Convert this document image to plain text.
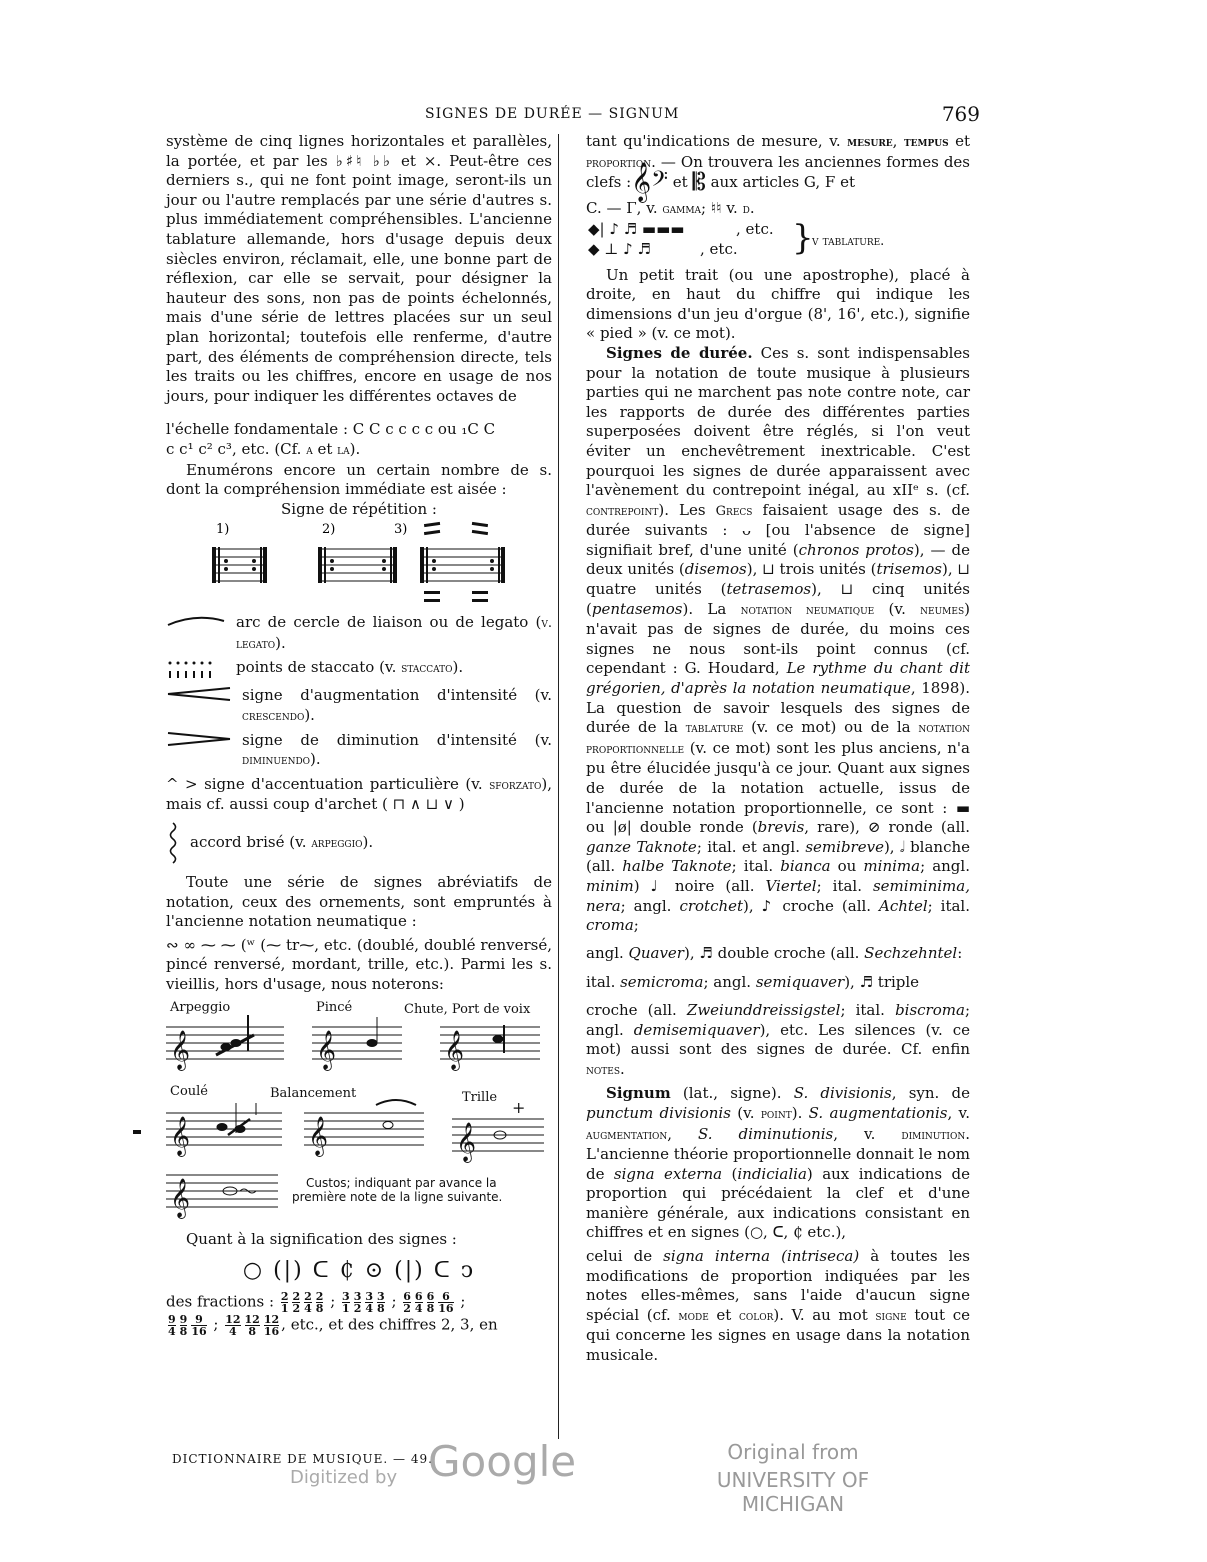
SIGNES DE DURÉE — SIGNUM	769

système de cinq lignes horizontales et parallèles, la portée, et par les ♭♯♮ ♭♭ et ×. Peut-être ces derniers s., qui ne font point image, seront-ils un jour ou l'autre remplacés par une série d'autres s. plus immédiatement compréhensibles. L'ancienne tablature allemande, hors d'usage depuis deux siècles environ, réclamait, elle, une bonne part de réflexion, car elle se servait, pour désigner la hauteur des sons, non pas de points échelonnés, mais d'une série de lettres placées sur un seul plan horizontal; toutefois elle renferme, d'autre part, des éléments de compréhension directe, tels les traits ou les chiffres, encore en usage de nos jours, pour indiquer les différentes octaves de

l'échelle fondamentale : C C c c c c ou ₁C C

c c¹ c² c³, etc. (Cf. a et la).

Enumérons encore un certain nombre de s. dont la compréhension immédiate est aisée :

Signe de répétition :

1)	2)	3)
arc de cercle de liaison ou de legato (v. legato).
points de staccato (v. staccato).
signe d'augmentation d'intensité (v. crescendo).
signe de diminution d'intensité (v. diminuendo).

^ > signe d'accentuation particulière (v. sforzato), mais cf. aussi coup d'archet ( ⊓ ∧ ⊔ ∨ )

accord brisé (v. arpeggio).

Toute une série de signes abréviatifs de notation, ceux des ornements, sont empruntés à l'ancienne notation neumatique :

∾ ∞ ⁓ ⁓ (ʷ (⁓ tr⁓, etc. (doublé, doublé renversé, pincé renversé, mordant, trille, etc.). Parmi les s. vieillis, hors d'usage, nous noterons:

Arpeggio	Pincé	Chute, Port de voix
Coulé	Balancement	Trille
𝄞	𝄞	𝄞
𝄞	𝄞	𝄞
𝄞
+
Custos; indiquant par avance la première note de la ligne suivante.

Quant à la signification des signes :

○ (|) ᑕ ₵ ⊙ (|) ᑕ ↄ

des fractions : $\frac{2}{1} \frac{2}{2} \frac{2}{4} \frac{2}{8}$ ; $\frac{3}{1} \frac{3}{2} \frac{3}{4} \frac{3}{8}$ ; $\frac{6}{2} \frac{6}{4} \frac{6}{8} \frac{6}{16}$ ;

$\frac{9}{4} \frac{9}{8} \frac{9}{16}$ ; $\frac{12}{4} \frac{12}{8} \frac{12}{16}$ , etc., et des chiffres 2, 3, en

tant qu'indications de mesure, v. mesure, tempus et proportion. — On trouvera les anciennes formes des clefs :𝄞𝄢 et 𝄡 aux articles G, F et

C. — Γ, v. gamma; ♮♮ v. d.

◆| ♪ ♬ ▬▬▬	, etc.
◆ ⊥ ♪ ♬	, etc. }
v tablature.

Un petit trait (ou une apostrophe), placé à droite, en haut du chiffre qui indique les dimensions d'un jeu d'orgue (8', 16', etc.), signifie « pied » (v. ce mot).

Signes de durée. Ces s. sont indispensables pour la notation de toute musique à plusieurs parties qui ne marchent pas note contre note, car les rapports de durée des différentes parties superposées doivent être réglés, si l'on veut éviter un enchevêtrement inextricable. C'est pourquoi les signes de durée apparaissent avec l'avènement du contrepoint inégal, au xIIᵉ s. (cf. contrepoint). Les Grecs faisaient usage des s. de durée suivants : ᴗ [ou l'absence de signe] signifiait bref, d'une unité (chronos protos), — de deux unités (disemos), ⊔ trois unités (trisemos), ⊔ quatre unités (tetrasemos), ⊔ cinq unités (pentasemos). La notation neumatique (v. neumes) n'avait pas de signes de durée, du moins ces signes ne nous sont-ils point connus (cf. cependant : G. Houdard, Le rythme du chant dit grégorien, d'après la notation neumatique, 1898). La question de savoir lesquels des signes de durée de la tablature (v. ce mot) ou de la notation proportionnelle (v. ce mot) sont les plus anciens, n'a pu être élucidée jusqu'à ce jour. Quant aux signes de durée de la notation actuelle, issus de l'ancienne notation proportionnelle, ce sont : ▬ ou |ø| double ronde (brevis, rare), ⊘ ronde (all. ganze Taknote; ital. et angl. semibreve), 𝅗𝅥 blanche (all. halbe Taknote; ital. bianca ou minima; angl. minim) ♩ noire (all. Viertel; ital. semiminima, nera; angl. crotchet), ♪ croche (all. Achtel; ital. croma;

angl. Quaver), ♬ double croche (all. Sechzehntel:

ital. semicroma; angl. semiquaver), ♬ triple

croche (all. Zweiunddreissigstel; ital. biscroma; angl. demisemiquaver), etc. Les silences (v. ce mot) aussi sont des signes de durée. Cf. enfin notes.

Signum (lat., signe). S. divisionis, syn. de punctum divisionis (v. point). S. augmentationis, v. augmentation, S. diminutionis, v. diminution. L'ancienne théorie proportionnelle donnait le nom de signa externa (indicialia) aux indications de proportion qui précédaient la clef et d'une manière générale, aux indications consistant en chiffres et en signes (○, ᑕ, ₵ etc.),

celui de signa interna (intriseca) à toutes les modifications de proportion indiquées par les notes elles-mêmes, sans l'aide d'aucun signe spécial (cf. mode et color). V. au mot signe tout ce qui concerne les signes en usage dans la notation musicale.

DICTIONNAIRE DE MUSIQUE. — 49.
Digitized by Google	Original from
UNIVERSITY OF MICHIGAN
